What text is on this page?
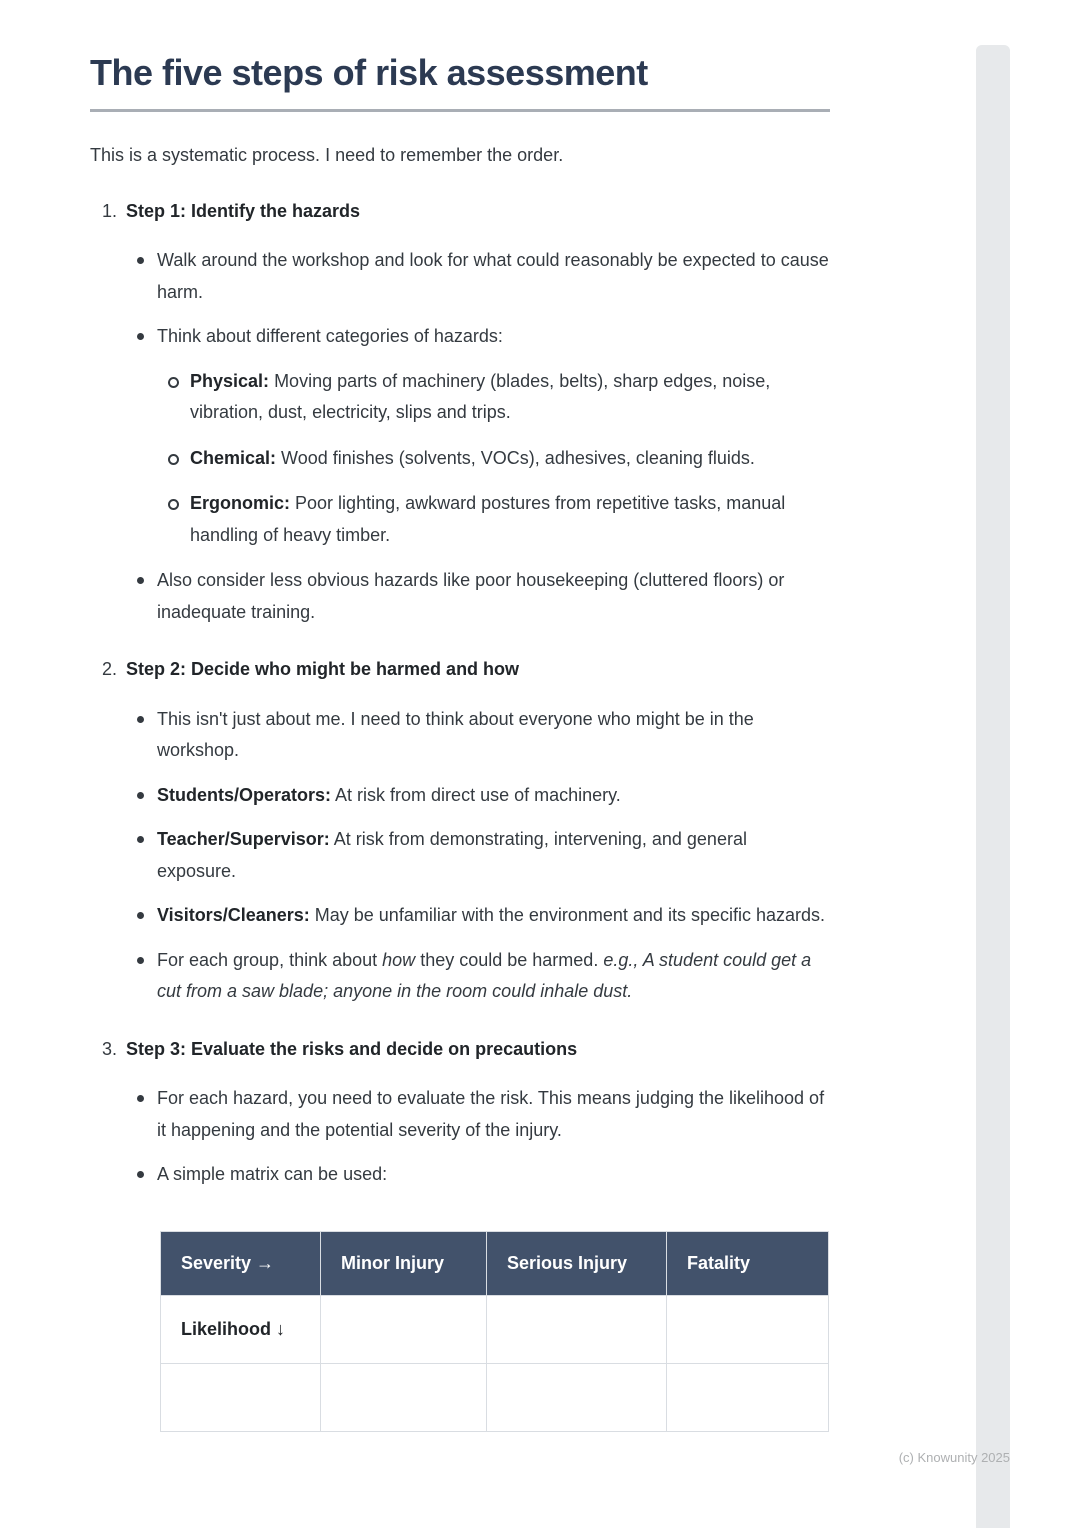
The five steps of risk assessment

This is a systematic process. I need to remember the order.

1. Step 1: Identify the hazards
Walk around the workshop and look for what could reasonably be expected to cause harm.
Think about different categories of hazards:
Physical: Moving parts of machinery (blades, belts), sharp edges, noise, vibration, dust, electricity, slips and trips.
Chemical: Wood finishes (solvents, VOCs), adhesives, cleaning fluids.
Ergonomic: Poor lighting, awkward postures from repetitive tasks, manual handling of heavy timber.
Also consider less obvious hazards like poor housekeeping (cluttered floors) or inadequate training.
2. Step 2: Decide who might be harmed and how
This isn't just about me. I need to think about everyone who might be in the workshop.
Students/Operators: At risk from direct use of machinery.
Teacher/Supervisor: At risk from demonstrating, intervening, and general exposure.
Visitors/Cleaners: May be unfamiliar with the environment and its specific hazards.
For each group, think about how they could be harmed. e.g., A student could get a cut from a saw blade; anyone in the room could inhale dust.
3. Step 3: Evaluate the risks and decide on precautions
For each hazard, you need to evaluate the risk. This means judging the likelihood of it happening and the potential severity of the injury.
A simple matrix can be used:
Severity →	Minor Injury	Serious Injury	Fatality
Likelihood ↓			

(c) Knowunity 2025
